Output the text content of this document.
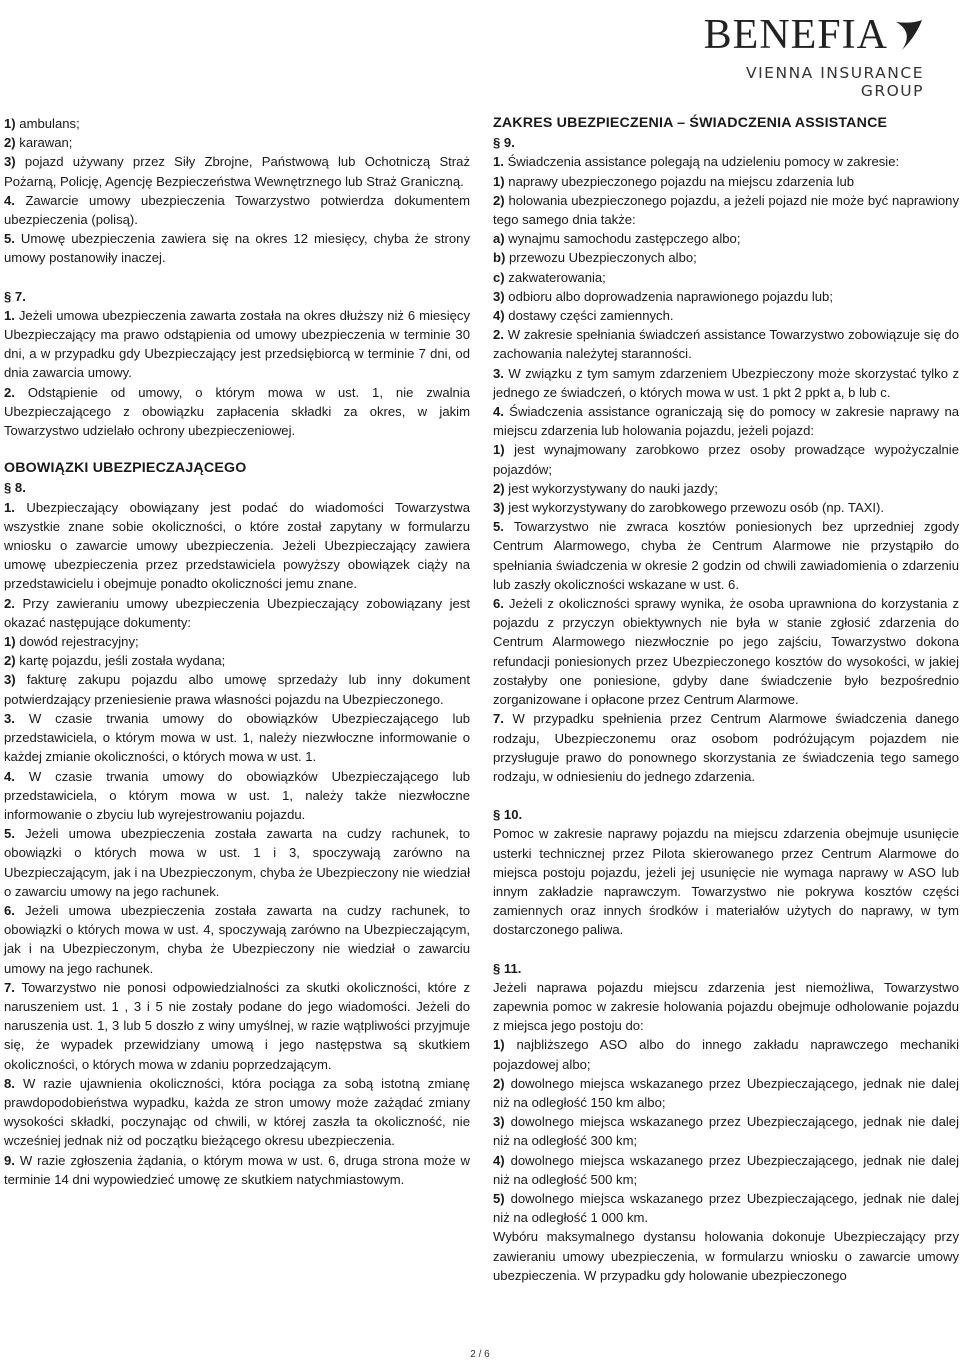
BENEFIA
VIENNA INSURANCE GROUP

1) ambulans;

2) karawan;

3) pojazd używany przez Siły Zbrojne, Państwową lub Ochotniczą Straż Pożarną, Policję, Agencję Bezpieczeństwa Wewnętrznego lub Straż Graniczną.

4. Zawarcie umowy ubezpieczenia Towarzystwo potwierdza dokumentem ubezpieczenia (polisą).

5. Umowę ubezpieczenia zawiera się na okres 12 miesięcy, chyba że strony umowy postanowiły inaczej.

§ 7.

1. Jeżeli umowa ubezpieczenia zawarta została na okres dłuższy niż 6 miesięcy Ubezpieczający ma prawo odstąpienia od umowy ubezpieczenia w terminie 30 dni, a w przypadku gdy Ubezpieczający jest przedsiębiorcą w terminie 7 dni, od dnia zawarcia umowy.

2. Odstąpienie od umowy, o którym mowa w ust. 1, nie zwalnia Ubezpieczającego z obowiązku zapłacenia składki za okres, w jakim Towarzystwo udzielało ochrony ubezpieczeniowej.

OBOWIĄZKI UBEZPIECZAJĄCEGO

§ 8.

1. Ubezpieczający obowiązany jest podać do wiadomości Towarzystwa wszystkie znane sobie okoliczności, o które został zapytany w formularzu wniosku o zawarcie umowy ubezpieczenia. Jeżeli Ubezpieczający zawiera umowę ubezpieczenia przez przedstawiciela powyższy obowiązek ciąży na przedstawicielu i obejmuje ponadto okoliczności jemu znane.

2. Przy zawieraniu umowy ubezpieczenia Ubezpieczający zobowiązany jest okazać następujące dokumenty:

1) dowód rejestracyjny;

2) kartę pojazdu, jeśli została wydana;

3) fakturę zakupu pojazdu albo umowę sprzedaży lub inny dokument potwierdzający przeniesienie prawa własności pojazdu na Ubezpieczonego.

3. W czasie trwania umowy do obowiązków Ubezpieczającego lub przedstawiciela, o którym mowa w ust. 1, należy niezwłoczne informowanie o każdej zmianie okoliczności, o których mowa w ust. 1.

4. W czasie trwania umowy do obowiązków Ubezpieczającego lub przedstawiciela, o którym mowa w ust. 1, należy także niezwłoczne informowanie o zbyciu lub wyrejestrowaniu pojazdu.

5. Jeżeli umowa ubezpieczenia została zawarta na cudzy rachunek, to obowiązki o których mowa w ust. 1 i 3, spoczywają zarówno na Ubezpieczającym, jak i na Ubezpieczonym, chyba że Ubezpieczony nie wiedział o zawarciu umowy na jego rachunek.

6. Jeżeli umowa ubezpieczenia została zawarta na cudzy rachunek, to obowiązki o których mowa w ust. 4, spoczywają zarówno na Ubezpieczającym, jak i na Ubezpieczonym, chyba że Ubezpieczony nie wiedział o zawarciu umowy na jego rachunek.

7. Towarzystwo nie ponosi odpowiedzialności za skutki okoliczności, które z naruszeniem ust. 1 , 3 i 5 nie zostały podane do jego wiadomości. Jeżeli do naruszenia ust. 1, 3 lub 5 doszło z winy umyślnej, w razie wątpliwości przyjmuje się, że wypadek przewidziany umową i jego następstwa są skutkiem okoliczności, o których mowa w zdaniu poprzedzającym.

8. W razie ujawnienia okoliczności, która pociąga za sobą istotną zmianę prawdopodobieństwa wypadku, każda ze stron umowy może zażądać zmiany wysokości składki, poczynając od chwili, w której zaszła ta okoliczność, nie wcześniej jednak niż od początku bieżącego okresu ubezpieczenia.

9. W razie zgłoszenia żądania, o którym mowa w ust. 6, druga strona może w terminie 14 dni wypowiedzieć umowę ze skutkiem natychmiastowym.

ZAKRES UBEZPIECZENIA – ŚWIADCZENIA ASSISTANCE

§ 9.

1. Świadczenia assistance polegają na udzieleniu pomocy w zakresie:

1) naprawy ubezpieczonego pojazdu na miejscu zdarzenia lub

2) holowania ubezpieczonego pojazdu, a jeżeli pojazd nie może być naprawiony tego samego dnia także:

a) wynajmu samochodu zastępczego albo;

b) przewozu Ubezpieczonych albo;

c) zakwaterowania;

3) odbioru albo doprowadzenia naprawionego pojazdu lub;

4) dostawy części zamiennych.

2. W zakresie spełniania świadczeń assistance Towarzystwo zobowiązuje się do zachowania należytej staranności.

3. W związku z tym samym zdarzeniem Ubezpieczony może skorzystać tylko z jednego ze świadczeń, o których mowa w ust. 1 pkt 2 ppkt a, b lub c.

4. Świadczenia assistance ograniczają się do pomocy w zakresie naprawy na miejscu zdarzenia lub holowania pojazdu, jeżeli pojazd:

1) jest wynajmowany zarobkowo przez osoby prowadzące wypożyczalnie pojazdów;

2) jest wykorzystywany do nauki jazdy;

3) jest wykorzystywany do zarobkowego przewozu osób (np. TAXI).

5. Towarzystwo nie zwraca kosztów poniesionych bez uprzedniej zgody Centrum Alarmowego, chyba że Centrum Alarmowe nie przystąpiło do spełniania świadczenia w okresie 2 godzin od chwili zawiadomienia o zdarzeniu lub zaszły okoliczności wskazane w ust. 6.

6. Jeżeli z okoliczności sprawy wynika, że osoba uprawniona do korzystania z pojazdu z przyczyn obiektywnych nie była w stanie zgłosić zdarzenia do Centrum Alarmowego niezwłocznie po jego zajściu, Towarzystwo dokona refundacji poniesionych przez Ubezpieczonego kosztów do wysokości, w jakiej zostałyby one poniesione, gdyby dane świadczenie było bezpośrednio zorganizowane i opłacone przez Centrum Alarmowe.

7. W przypadku spełnienia przez Centrum Alarmowe świadczenia danego rodzaju, Ubezpieczonemu oraz osobom podróżującym pojazdem nie przysługuje prawo do ponownego skorzystania ze świadczenia tego samego rodzaju, w odniesieniu do jednego zdarzenia.

§ 10.

Pomoc w zakresie naprawy pojazdu na miejscu zdarzenia obejmuje usunięcie usterki technicznej przez Pilota skierowanego przez Centrum Alarmowe do miejsca postoju pojazdu, jeżeli jej usunięcie nie wymaga naprawy w ASO lub innym zakładzie naprawczym. Towarzystwo nie pokrywa kosztów części zamiennych oraz innych środków i materiałów użytych do naprawy, w tym dostarczonego paliwa.

§ 11.

Jeżeli naprawa pojazdu miejscu zdarzenia jest niemożliwa, Towarzystwo zapewnia pomoc w zakresie holowania pojazdu obejmuje odholowanie pojazdu z miejsca jego postoju do:

1) najbliższego ASO albo do innego zakładu naprawczego mechaniki pojazdowej albo;

2) dowolnego miejsca wskazanego przez Ubezpieczającego, jednak nie dalej niż na odległość 150 km albo;

3) dowolnego miejsca wskazanego przez Ubezpieczającego, jednak nie dalej niż na odległość 300 km;

4) dowolnego miejsca wskazanego przez Ubezpieczającego, jednak nie dalej niż na odległość 500 km;

5) dowolnego miejsca wskazanego przez Ubezpieczającego, jednak nie dalej niż na odległość 1 000 km.

Wybóru maksymalnego dystansu holowania dokonuje Ubezpieczający przy zawieraniu umowy ubezpieczenia, w formularzu wniosku o zawarcie umowy ubezpieczenia. W przypadku gdy holowanie ubezpieczonego

2 / 6
